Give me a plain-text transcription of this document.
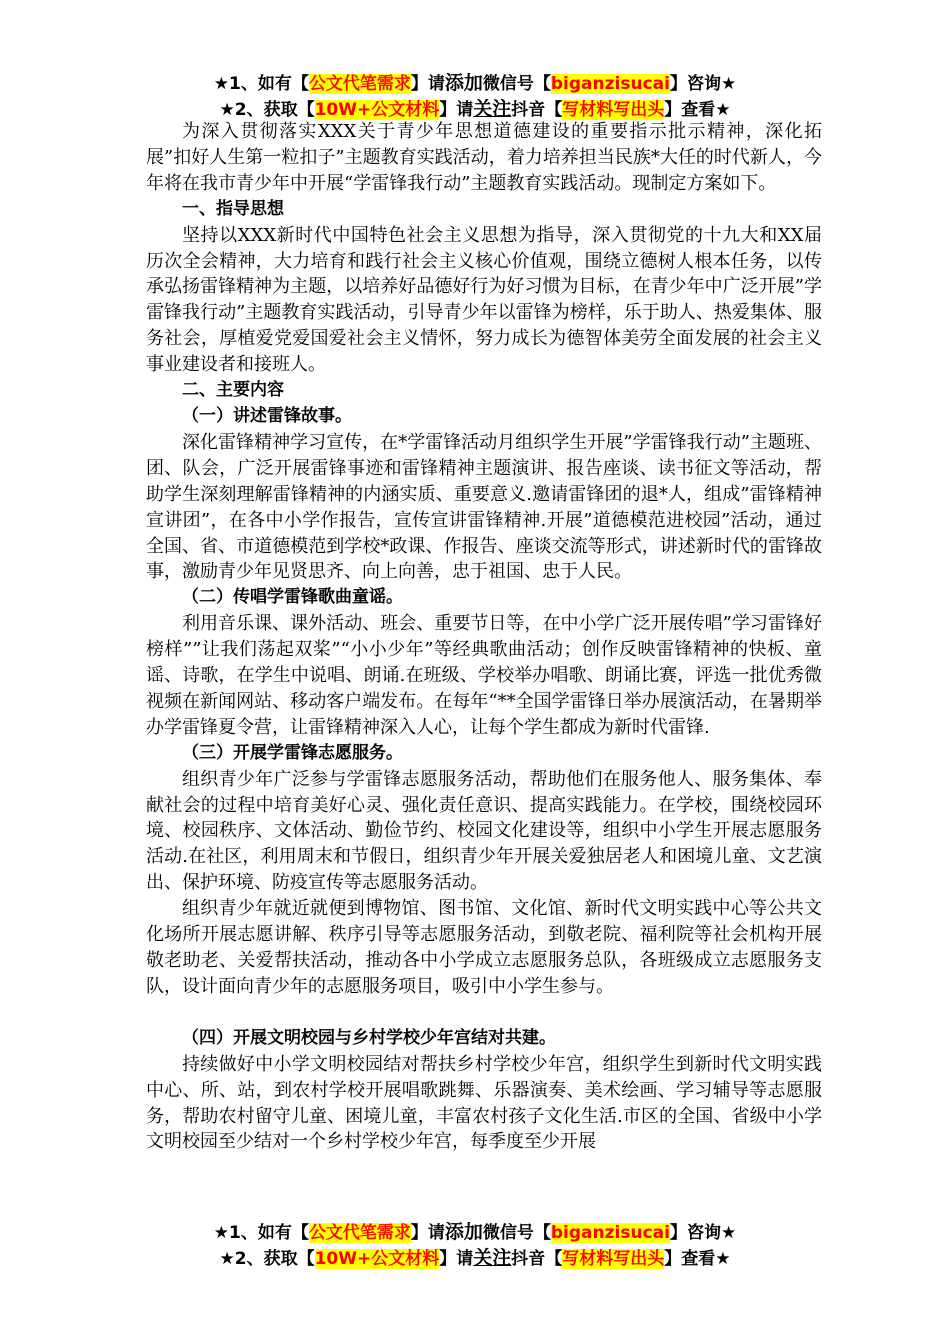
★1、如有【公文代笔需求】请添加微信号【biganzisucai】咨询★
★2、获取【10W+公文材料】请关注抖音【写材料写出头】查看★

为深入贯彻落实XXX关于青少年思想道德建设的重要指示批示精神，深化拓展”扣好人生第一粒扣子”主题教育实践活动，着力培养担当民族*大任的时代新人，今年将在我市青少年中开展“学雷锋我行动”主题教育实践活动。现制定方案如下。

一、指导思想

坚持以XXX新时代中国特色社会主义思想为指导，深入贯彻党的十九大和XX届历次全会精神，大力培育和践行社会主义核心价值观，围绕立德树人根本任务，以传承弘扬雷锋精神为主题，以培养好品德好行为好习惯为目标，在青少年中广泛开展”学雷锋我行动”主题教育实践活动，引导青少年以雷锋为榜样，乐于助人、热爱集体、服务社会，厚植爱党爱国爱社会主义情怀，努力成长为德智体美劳全面发展的社会主义事业建设者和接班人。

二、主要内容

（一）讲述雷锋故事。

深化雷锋精神学习宣传，在*学雷锋活动月组织学生开展”学雷锋我行动”主题班、团、队会，广泛开展雷锋事迹和雷锋精神主题演讲、报告座谈、读书征文等活动，帮助学生深刻理解雷锋精神的内涵实质、重要意义.邀请雷锋团的退*人，组成”雷锋精神宣讲团”，在各中小学作报告，宣传宣讲雷锋精神.开展”道德模范进校园”活动，通过全国、省、市道德模范到学校*政课、作报告、座谈交流等形式，讲述新时代的雷锋故事，激励青少年见贤思齐、向上向善，忠于祖国、忠于人民。

（二）传唱学雷锋歌曲童谣。

利用音乐课、课外活动、班会、重要节日等，在中小学广泛开展传唱”学习雷锋好榜样””让我们荡起双桨”“小小少年”等经典歌曲活动；创作反映雷锋精神的快板、童谣、诗歌，在学生中说唱、朗诵.在班级、学校举办唱歌、朗诵比赛，评选一批优秀微视频在新闻网站、移动客户端发布。在每年“**全国学雷锋日举办展演活动，在暑期举办学雷锋夏令营，让雷锋精神深入人心，让每个学生都成为新时代雷锋.

（三）开展学雷锋志愿服务。

组织青少年广泛参与学雷锋志愿服务活动，帮助他们在服务他人、服务集体、奉献社会的过程中培育美好心灵、强化责任意识、提高实践能力。在学校，围绕校园环境、校园秩序、文体活动、勤俭节约、校园文化建设等，组织中小学生开展志愿服务活动.在社区，利用周末和节假日，组织青少年开展关爱独居老人和困境儿童、文艺演出、保护环境、防疫宣传等志愿服务活动。

组织青少年就近就便到博物馆、图书馆、文化馆、新时代文明实践中心等公共文化场所开展志愿讲解、秩序引导等志愿服务活动，到敬老院、福利院等社会机构开展敬老助老、关爱帮扶活动，推动各中小学成立志愿服务总队，各班级成立志愿服务支队，设计面向青少年的志愿服务项目，吸引中小学生参与。

（四）开展文明校园与乡村学校少年宫结对共建。

持续做好中小学文明校园结对帮扶乡村学校少年宫，组织学生到新时代文明实践中心、所、站，到农村学校开展唱歌跳舞、乐器演奏、美术绘画、学习辅导等志愿服务，帮助农村留守儿童、困境儿童，丰富农村孩子文化生活.市区的全国、省级中小学文明校园至少结对一个乡村学校少年宫，每季度至少开展

★1、如有【公文代笔需求】请添加微信号【biganzisucai】咨询★
★2、获取【10W+公文材料】请关注抖音【写材料写出头】查看★
